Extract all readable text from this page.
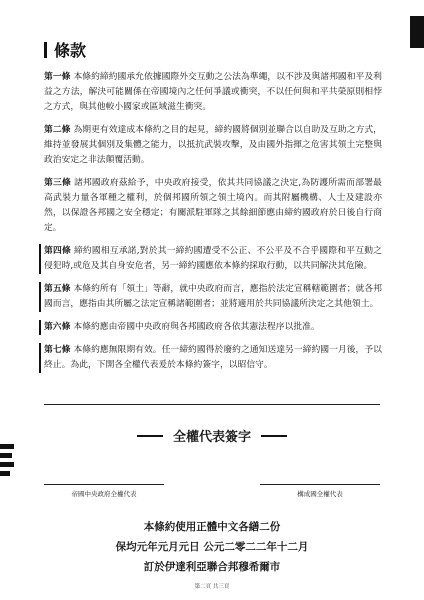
條款

第一條 本條約締約國承允依據國際外交互動之公法為準繩，以不涉及與諸邦國和平及利益之方法，解決可能關係在帝國境內之任何爭議或衝突，不以任何與和平共榮原則相悖之方式，與其他較小國家或區域滋生衝突。

第二條 為期更有效達成本條約之目的起見，締約國將個別並聯合以自助及互助之方式，維持並發展其個別及集體之能力，以抵抗武裝攻擊，及由國外指揮之危害其領土完整與政治安定之非法顛覆活動。

第三條 諸邦國政府茲給予，中央政府接受，依其共同協議之決定,為防護所需而部署最高武裝力量各軍種之權利，於個邦國所領之領土境內。而其附屬機構、人士及建設亦然，以保證各邦國之安全穩定；有關派駐軍隊之其餘細節應由締約國政府於日後自行商定。

第四條 締約國相互承諾,對於其一締約國遭受不公正、不公平及不合乎國際和平互動之侵犯時,或危及其自身安危者，另一締約國應依本條約採取行動，以共同解決其危險。

第五條 本條約所有「領土」等辭，就中央政府而言，應指於法定宣稱轄範圍者；就各邦國而言，應指由其所屬之法定宣稱諸範圍者；並將適用於共同協議所決定之其他領土。

第六條 本條約應由帝國中央政府與各邦國政府各依其憲法程序以批准。

第七條 本條約應無限期有效。任一締約國得於廢約之通知送達另一締約國一月後，予以終止。為此，下開各全權代表爰於本條約簽字，以昭信守。

全權代表簽字
帝國中央政府全權代表	構成國全權代表
本條約使用正體中文各繕二份
保均元年元月元日 公元二零二二年十二月
訂於伊達利亞聯合邦穆希爾市
第二頁 共三頁
